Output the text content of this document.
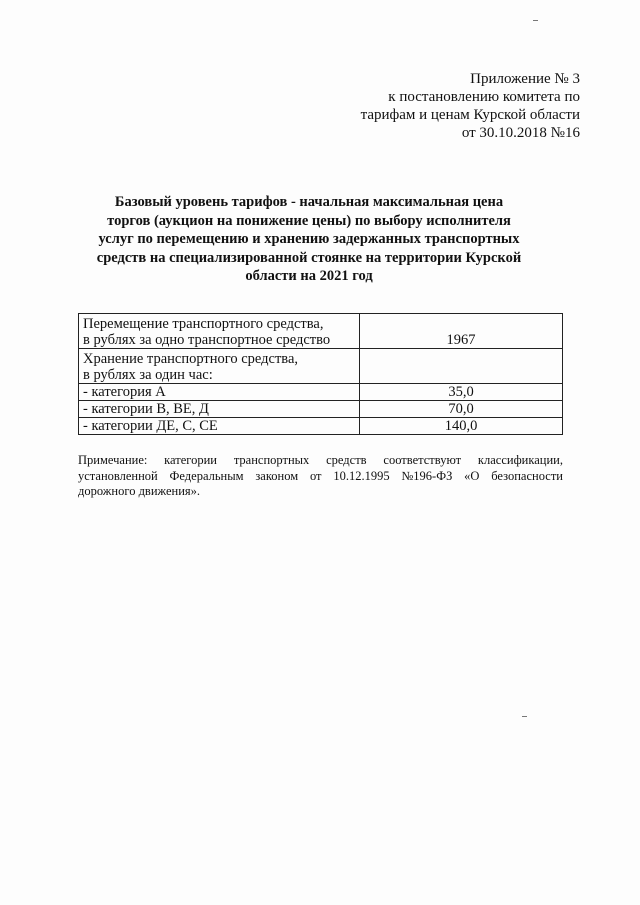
Приложение № 3
к постановлению комитета по
тарифам и ценам Курской области
от 30.10.2018 №16
Базовый уровень тарифов - начальная максимальная цена
торгов (аукцион на понижение цены) по выбору исполнителя
услуг по перемещению и хранению задержанных транспортных
средств на специализированной стоянке на территории Курской
области на 2021 год
Перемещение транспортного средства,
в рублях за одно транспортное средство	1967

Хранение транспортного средства,
в рублях за один час:	

- категория А	35,0
- категории В, ВЕ, Д	70,0
- категории ДЕ, С, СЕ	140,0
Примечание: категории транспортных средств соответствуют классификации,
установленной Федеральным законом от 10.12.1995 №196-ФЗ «О безопасности
дорожного движения».
